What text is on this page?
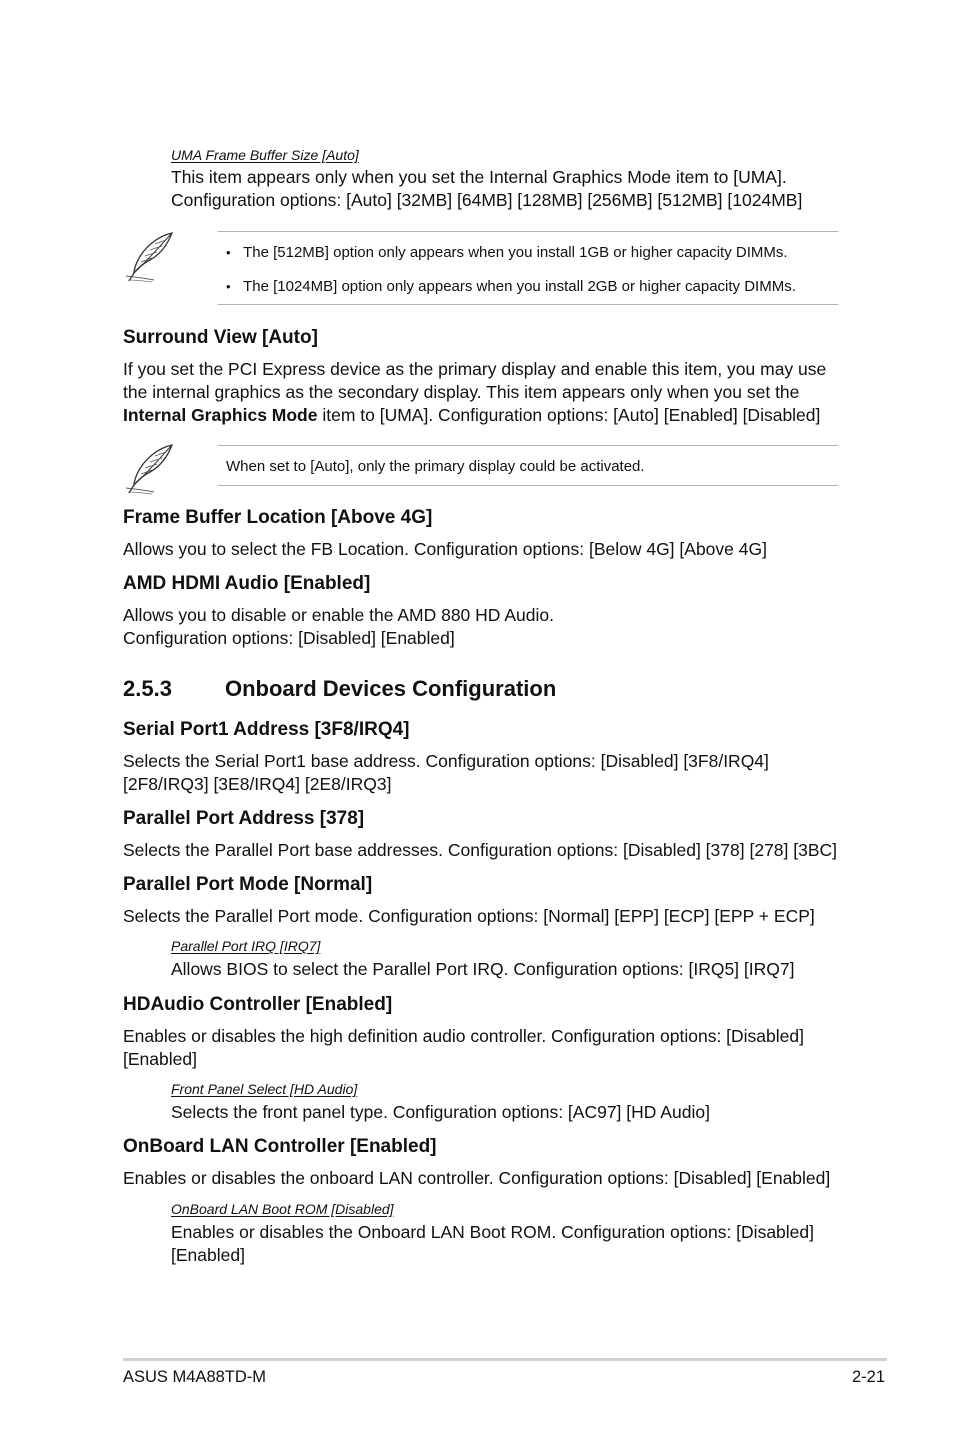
UMA Frame Buffer Size [Auto]
This item appears only when you set the Internal Graphics Mode item to [UMA].
Configuration options: [Auto] [32MB] [64MB] [128MB] [256MB] [512MB] [1024MB]
• The [512MB] option only appears when you install 1GB or higher capacity DIMMs.
• The [1024MB] option only appears when you install 2GB or higher capacity DIMMs.
Surround View [Auto]
If you set the PCI Express device as the primary display and enable this item, you may use
the internal graphics as the secondary display. This item appears only when you set the
Internal Graphics Mode item to [UMA]. Configuration options: [Auto] [Enabled] [Disabled]
When set to [Auto], only the primary display could be activated.
Frame Buffer Location [Above 4G]
Allows you to select the FB Location. Configuration options: [Below 4G] [Above 4G]
AMD HDMI Audio [Enabled]
Allows you to disable or enable the AMD 880 HD Audio.
Configuration options: [Disabled] [Enabled]
2.5.3 Onboard Devices Configuration
Serial Port1 Address [3F8/IRQ4]
Selects the Serial Port1 base address. Configuration options: [Disabled] [3F8/IRQ4]
[2F8/IRQ3] [3E8/IRQ4] [2E8/IRQ3]
Parallel Port Address [378]
Selects the Parallel Port base addresses. Configuration options: [Disabled] [378] [278] [3BC]
Parallel Port Mode [Normal]
Selects the Parallel Port mode. Configuration options: [Normal] [EPP] [ECP] [EPP + ECP]
Parallel Port IRQ [IRQ7]
Allows BIOS to select the Parallel Port IRQ. Configuration options: [IRQ5] [IRQ7]
HDAudio Controller [Enabled]
Enables or disables the high definition audio controller. Configuration options: [Disabled]
[Enabled]
Front Panel Select [HD Audio]
Selects the front panel type. Configuration options: [AC97] [HD Audio]
OnBoard LAN Controller [Enabled]
Enables or disables the onboard LAN controller. Configuration options: [Disabled] [Enabled]
OnBoard LAN Boot ROM [Disabled]
Enables or disables the Onboard LAN Boot ROM. Configuration options: [Disabled]
[Enabled]
ASUS M4A88TD-M	2-21
